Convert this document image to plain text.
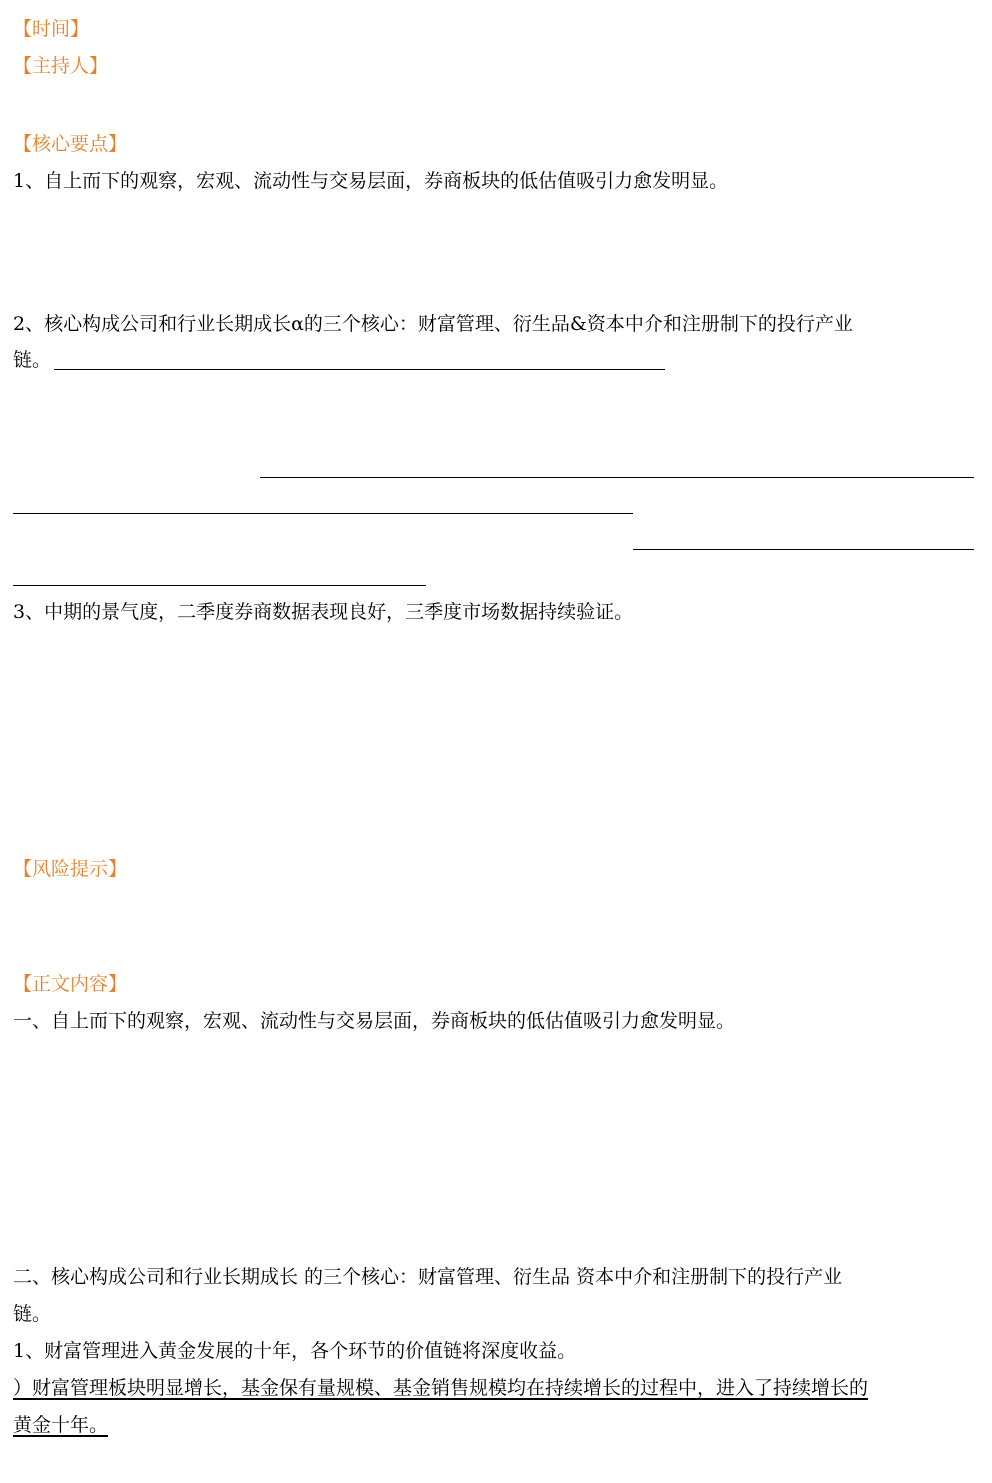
【时间】
【主持人】
【核心要点】
1、自上而下的观察，宏观、流动性与交易层面，券商板块的低估值吸引力愈发明显。
2、核心构成公司和行业长期成长α的三个核心：财富管理、衍生品&资本中介和注册制下的投行产业
链。
3、中期的景气度，二季度券商数据表现良好，三季度市场数据持续验证。
【风险提示】
【正文内容】
一、自上而下的观察，宏观、流动性与交易层面，券商板块的低估值吸引力愈发明显。
二、核心构成公司和行业长期成长 的三个核心：财富管理、衍生品 资本中介和注册制下的投行产业
链。
1、财富管理进入黄金发展的十年，各个环节的价值链将深度收益。
）财富管理板块明显增长，基金保有量规模、基金销售规模均在持续增长的过程中，进入了持续增长的
黄金十年。
